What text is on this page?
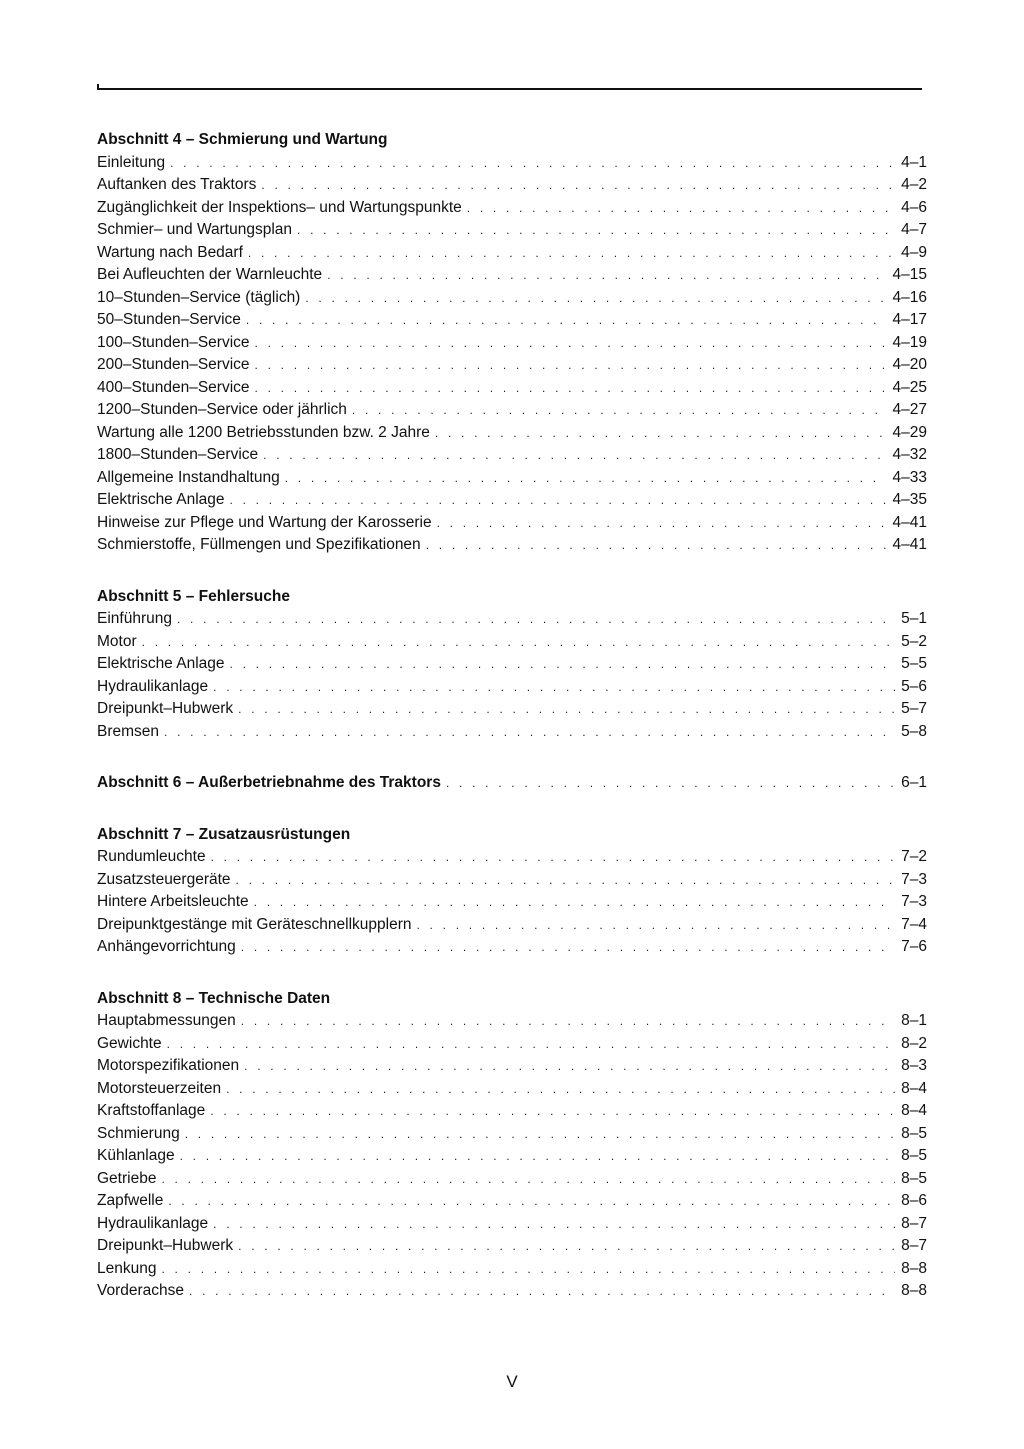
Abschnitt 4 – Schmierung und Wartung
Einleitung . . .	4–1
Auftanken des Traktors . . .	4–2
Zugänglichkeit der Inspektions– und Wartungspunkte . . .	4–6
Schmier– und Wartungsplan . . .	4–7
Wartung nach Bedarf . . .	4–9
Bei Aufleuchten der Warnleuchte . . .	4–15
10–Stunden–Service (täglich) . . .	4–16
50–Stunden–Service . . .	4–17
100–Stunden–Service . . .	4–19
200–Stunden–Service . . .	4–20
400–Stunden–Service . . .	4–25
1200–Stunden–Service oder jährlich . . .	4–27
Wartung alle 1200 Betriebsstunden bzw. 2 Jahre . . .	4–29
1800–Stunden–Service . . .	4–32
Allgemeine Instandhaltung . . .	4–33
Elektrische Anlage . . .	4–35
Hinweise zur Pflege und Wartung der Karosserie . . .	4–41
Schmierstoffe, Füllmengen und Spezifikationen . . .	4–41
Abschnitt 5 – Fehlersuche
Einführung . . .	5–1
Motor . . .	5–2
Elektrische Anlage . . .	5–5
Hydraulikanlage . . .	5–6
Dreipunkt–Hubwerk . . .	5–7
Bremsen . . .	5–8
Abschnitt 6 – Außerbetriebnahme des Traktors . . .	6–1
Abschnitt 7 – Zusatzausrüstungen
Rundumleuchte . . .	7–2
Zusatzsteuergeräte . . .	7–3
Hintere Arbeitsleuchte . . .	7–3
Dreipunktgestänge mit Geräteschnellkupplern . . .	7–4
Anhängevorrichtung . . .	7–6
Abschnitt 8 – Technische Daten
Hauptabmessungen . . .	8–1
Gewichte . . .	8–2
Motorspezifikationen . . .	8–3
Motorsteuerzeiten . . .	8–4
Kraftstoffanlage . . .	8–4
Schmierung . . .	8–5
Kühlanlage . . .	8–5
Getriebe . . .	8–5
Zapfwelle . . .	8–6
Hydraulikanlage . . .	8–7
Dreipunkt–Hubwerk . . .	8–7
Lenkung . . .	8–8
Vorderachse . . .	8–8
V
